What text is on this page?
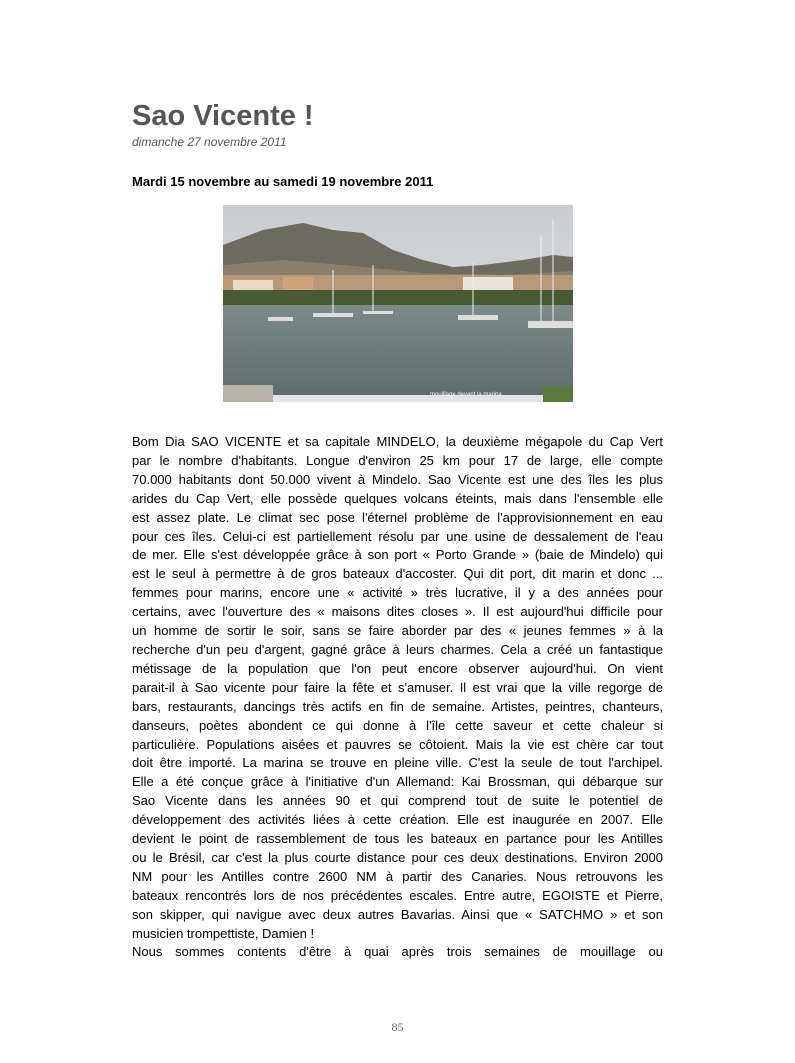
Sao Vicente !
dimanche 27 novembre 2011
Mardi 15 novembre au samedi 19 novembre 2011
mouillage devant la marina
Bom Dia SAO VICENTE et sa capitale MINDELO, la deuxième mégapole du Cap Vert
par le nombre d'habitants. Longue d'environ 25 km pour 17 de large, elle compte
70.000 habitants dont 50.000 vivent à Mindelo. Sao Vicente est une des îles les plus
arides du Cap Vert, elle possède quelques volcans éteints, mais dans l'ensemble elle
est assez plate. Le climat sec pose l'éternel problème de l'approvisionnement en eau
pour ces îles. Celui-ci est partiellement résolu par une usine de dessalement de l'eau
de mer. Elle s'est développée grâce à son port « Porto Grande » (baie de Mindelo) qui
est le seul à permettre à de gros bateaux d'accoster. Qui dit port, dit marin et donc ...
femmes pour marins, encore une « activité » très lucrative, il y a des années pour
certains, avec l'ouverture des « maisons dites closes ». Il est aujourd'hui difficile pour
un homme de sortir le soir, sans se faire aborder par des « jeunes femmes » à la
recherche d'un peu d'argent, gagné grâce à leurs charmes. Cela a créé un fantastique
métissage de la population que l'on peut encore observer aujourd'hui. On vient
parait-il à Sao vicente pour faire la fête et s'amuser. Il est vrai que la ville regorge de
bars, restaurants, dancings très actifs en fin de semaine. Artistes, peintres, chanteurs,
danseurs, poètes abondent ce qui donne à l'île cette saveur et cette chaleur si
particulière. Populations aisées et pauvres se côtoient. Mais la vie est chère car tout
doit être importé. La marina se trouve en pleine ville. C'est la seule de tout l'archipel.
Elle a été conçue grâce à l'initiative d'un Allemand: Kai Brossman, qui débarque sur
Sao Vicente dans les années 90 et qui comprend tout de suite le potentiel de
développement des activités liées à cette création. Elle est inaugurée en 2007. Elle
devient le point de rassemblement de tous les bateaux en partance pour les Antilles
ou le Brésil, car c'est la plus courte distance pour ces deux destinations. Environ 2000
NM pour les Antilles contre 2600 NM à partir des Canaries. Nous retrouvons les
bateaux rencontrés lors de nos précédentes escales. Entre autre, EGOISTE et Pierre,
son skipper, qui navigue avec deux autres Bavarias. Ainsi que « SATCHMO » et son
musicien trompettiste, Damien !
Nous sommes contents d'être à quai après trois semaines de mouillage ou
85
